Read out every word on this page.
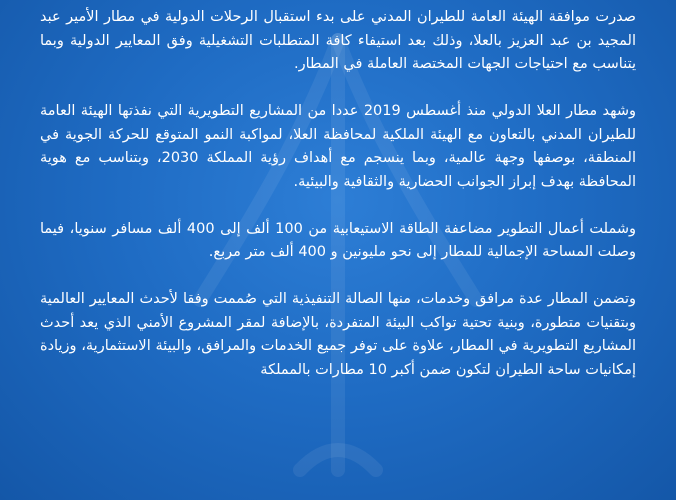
صدرت موافقة الهيئة العامة للطيران المدني على بدء استقبال الرحلات الدولية في مطار الأمير عبد المجيد بن عبد العزيز بالعلا، وذلك بعد استيفاء كافة المتطلبات التشغيلية وفق المعايير الدولية وبما يتناسب مع احتياجات الجهات المختصة العاملة في المطار.

وشهد مطار العلا الدولي منذ أغسطس 2019 عددا من المشاريع التطويرية التي نفذتها الهيئة العامة للطيران المدني بالتعاون مع الهيئة الملكية لمحافظة العلا، لمواكبة النمو المتوقع للحركة الجوية في المنطقة، بوصفها وجهة عالمية، وبما ينسجم مع أهداف رؤية المملكة 2030، وبتناسب مع هوية المحافظة بهدف إبراز الجوانب الحضارية والثقافية والبيئية.

وشملت أعمال التطوير مضاعفة الطاقة الاستيعابية من 100 ألف إلى 400 ألف مسافر سنويا، فيما وصلت المساحة الإجمالية للمطار إلى نحو مليونين و 400 ألف متر مربع.

وتضمن المطار عدة مرافق وخدمات، منها الصالة التنفيذية التي صُممت وفقا لأحدث المعايير العالمية وبتقنيات متطورة، وبنية تحتية تواكب البيئة المتفردة، بالإضافة لمقر المشروع الأمني الذي يعد أحدث المشاريع التطويرية في المطار، علاوة على توفر جميع الخدمات والمرافق، والبيئة الاستثمارية، وزيادة إمكانيات ساحة الطيران لتكون ضمن أكبر 10 مطارات بالمملكة
